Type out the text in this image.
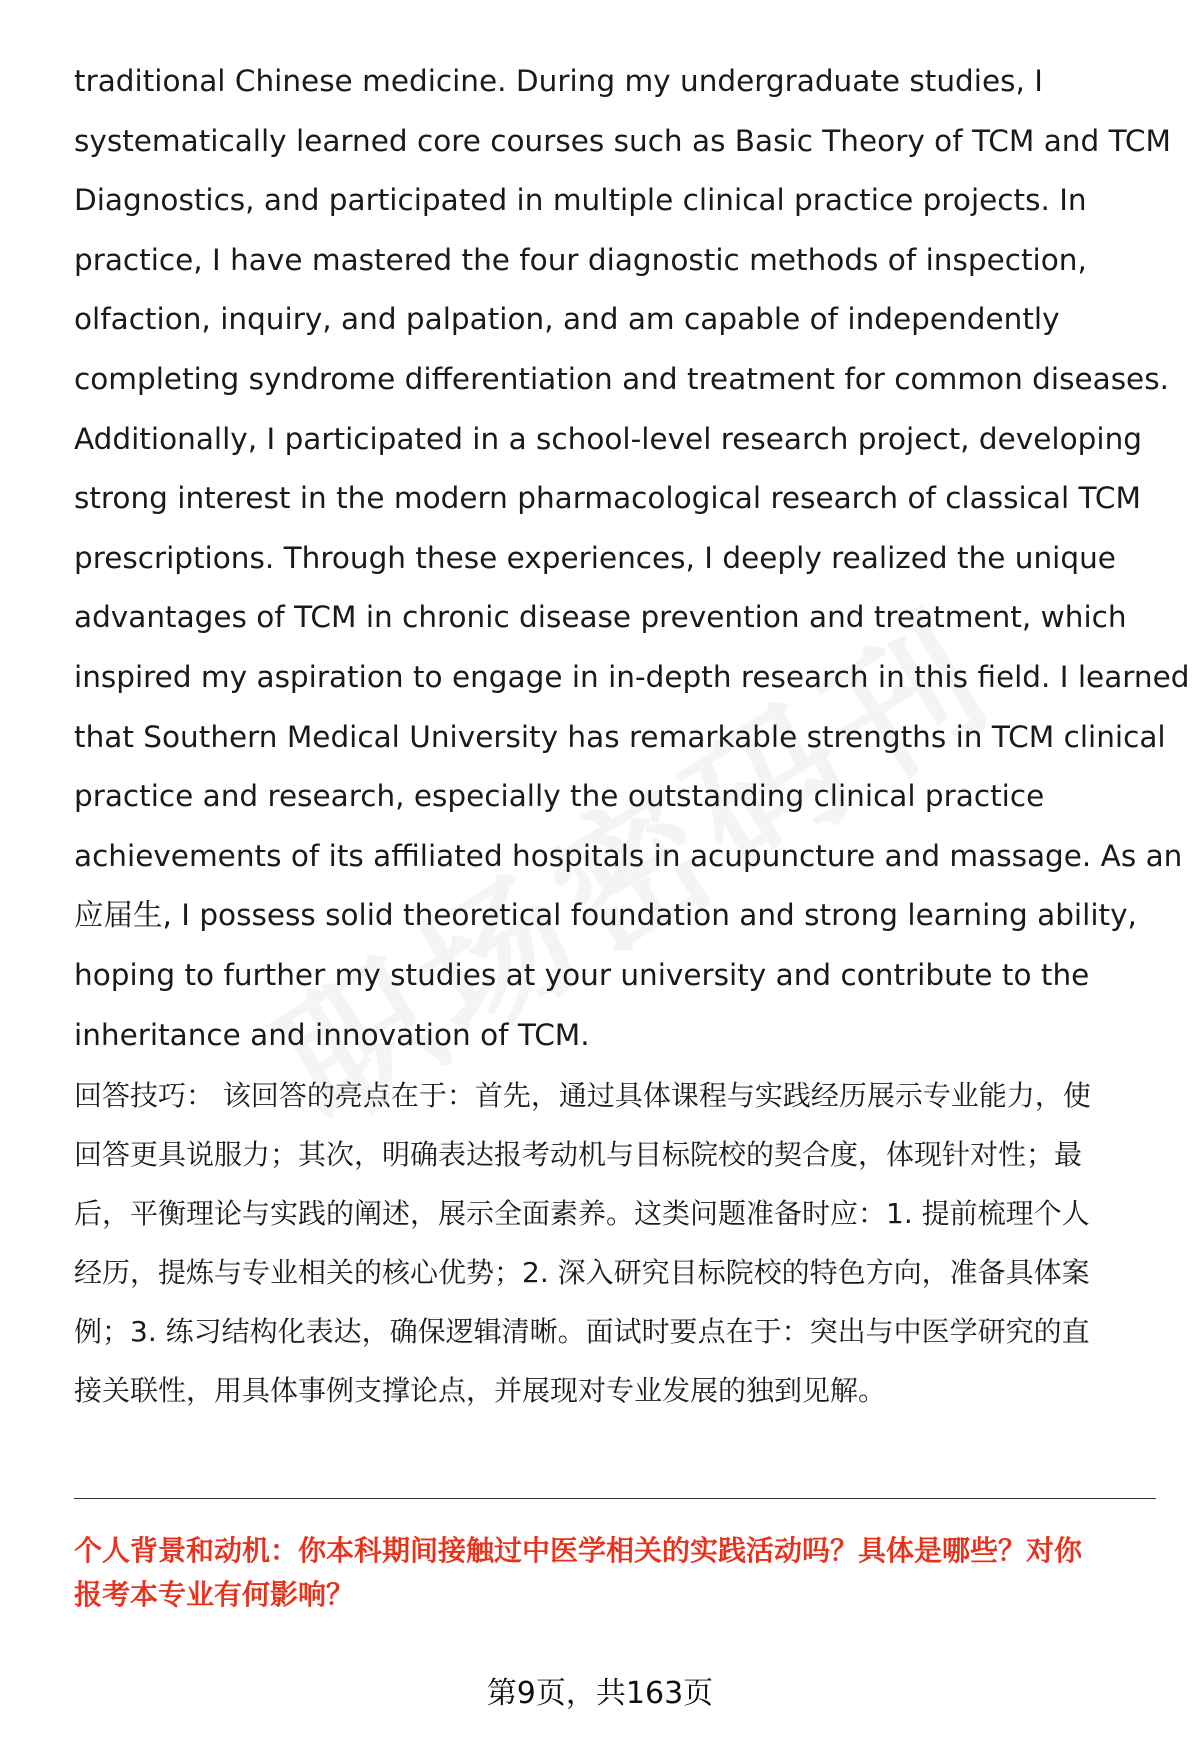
traditional Chinese medicine. During my undergraduate studies, I
systematically learned core courses such as Basic Theory of TCM and TCM
Diagnostics, and participated in multiple clinical practice projects. In
practice, I have mastered the four diagnostic methods of inspection,
olfaction, inquiry, and palpation, and am capable of independently
completing syndrome differentiation and treatment for common diseases.
Additionally, I participated in a school-level research project, developing
strong interest in the modern pharmacological research of classical TCM
prescriptions. Through these experiences, I deeply realized the unique
advantages of TCM in chronic disease prevention and treatment, which
inspired my aspiration to engage in in-depth research in this field. I learned
that Southern Medical University has remarkable strengths in TCM clinical
practice and research, especially the outstanding clinical practice
achievements of its affiliated hospitals in acupuncture and massage. As an
应届生, I possess solid theoretical foundation and strong learning ability,
hoping to further my studies at your university and contribute to the
inheritance and innovation of TCM.
回答技巧： 该回答的亮点在于：首先，通过具体课程与实践经历展示专业能力，使
回答更具说服力；其次，明确表达报考动机与目标院校的契合度，体现针对性；最
后，平衡理论与实践的阐述，展示全面素养。这类问题准备时应：1. 提前梳理个人
经历，提炼与专业相关的核心优势；2. 深入研究目标院校的特色方向，准备具体案
例；3. 练习结构化表达，确保逻辑清晰。面试时要点在于：突出与中医学研究的直
接关联性，用具体事例支撑论点，并展现对专业发展的独到见解。
个人背景和动机：你本科期间接触过中医学相关的实践活动吗？具体是哪些？对你
报考本专业有何影响？
第9页，共163页
